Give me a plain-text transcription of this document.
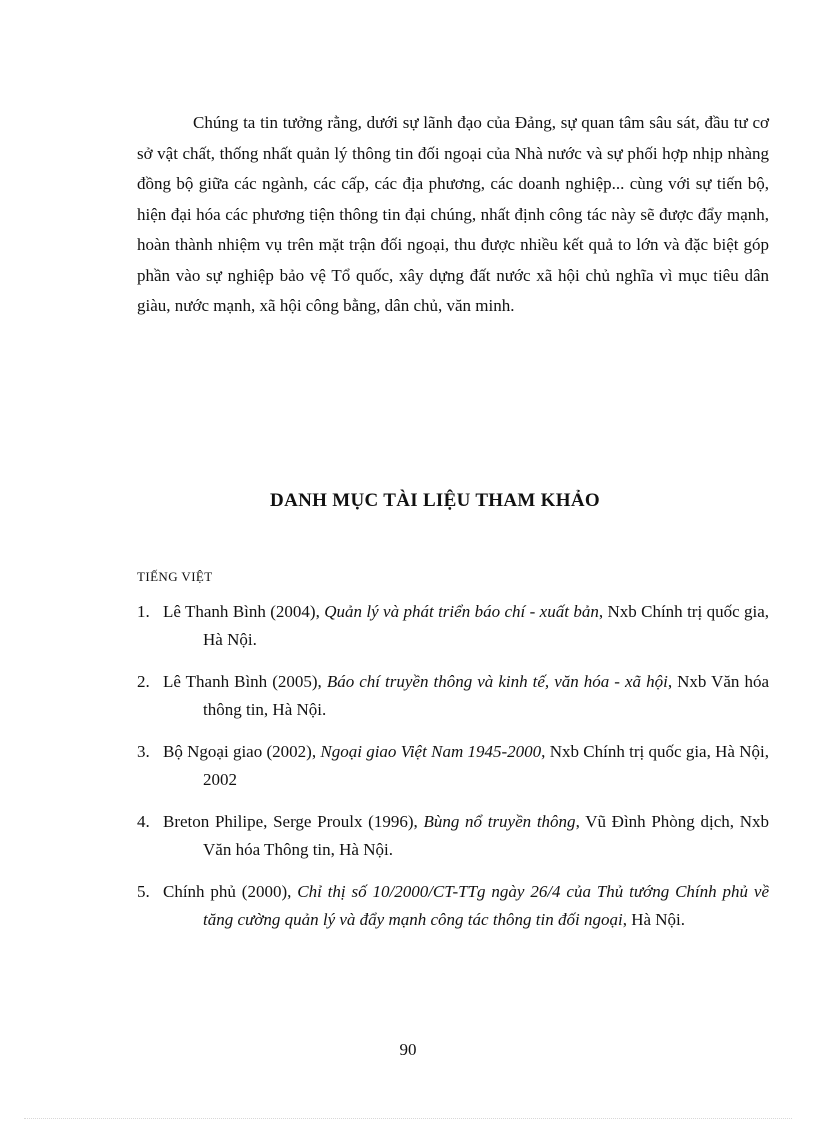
Chúng ta tin tưởng rằng, dưới sự lãnh đạo của Đảng, sự quan tâm sâu sát, đầu tư cơ sở vật chất, thống nhất quản lý thông tin đối ngoại của Nhà nước và sự phối hợp nhịp nhàng đồng bộ giữa các ngành, các cấp, các địa phương, các doanh nghiệp... cùng với sự tiến bộ, hiện đại hóa các phương tiện thông tin đại chúng, nhất định công tác này sẽ được đẩy mạnh, hoàn thành nhiệm vụ trên mặt trận đối ngoại, thu được nhiều kết quả to lớn và đặc biệt góp phần vào sự nghiệp bảo vệ Tổ quốc, xây dựng đất nước xã hội chủ nghĩa vì mục tiêu dân giàu, nước mạnh, xã hội công bằng, dân chủ, văn minh.

DANH MỤC TÀI LIỆU THAM KHẢO

TIẾNG VIỆT

1. Lê Thanh Bình (2004), Quản lý và phát triển báo chí - xuất bản, Nxb Chính trị quốc gia, Hà Nội.
2. Lê Thanh Bình (2005), Báo chí truyền thông và kinh tế, văn hóa - xã hội, Nxb Văn hóa thông tin, Hà Nội.
3. Bộ Ngoại giao (2002), Ngoại giao Việt Nam 1945-2000, Nxb Chính trị quốc gia, Hà Nội, 2002
4. Breton Philipe, Serge Proulx (1996), Bùng nổ truyền thông, Vũ Đình Phòng dịch, Nxb Văn hóa Thông tin, Hà Nội.
5. Chính phủ (2000), Chỉ thị số 10/2000/CT-TTg ngày 26/4 của Thủ tướng Chính phủ về tăng cường quản lý và đẩy mạnh công tác thông tin đối ngoại, Hà Nội.

90
